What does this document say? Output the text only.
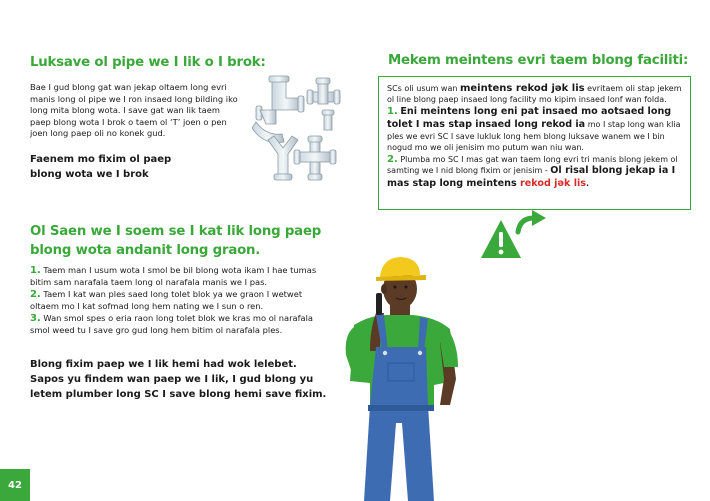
Luksave ol pipe we I lik o I brok:

Bae I gud blong gat wan jekap oltaem long evri manis long ol pipe we I ron insaed long bilding iko long mita blong wota. I save gat wan lik taem paep blong wota I brok o taem ol ‘T’ joen o pen joen long paep oli no konek gud.

Faenem mo fixim ol paep

blong wota we I brok

Ol Saen we I soem se I kat lik long paep
blong wota andanit long graon.

1. Taem man I usum wota I smol be bil blong wota ikam I hae tumas bitim sam narafala taem long ol narafala manis we I pas.

2. Taem I kat wan ples saed long tolet blok ya we graon I wetwet oltaem mo I kat sofmad long hem nating we I sun o ren.

3. Wan smol spes o eria raon long tolet blok we kras mo ol narafala smol weed tu I save gro gud long hem bitim ol narafala ples.

Blong fixim paep we I lik hemi had wok lelebet. Sapos yu findem wan paep we I lik, I gud blong yu letem plumber long SC I save blong hemi save fixim.

Mekem meintens evri taem blong faciliti:

SCs oli usum wan meintens rekod jǝk lis evritaem oli stap jekem ol line blong paep insaed long facility mo kipim insaed lonf wan folda.

1. Eni meintens long eni pat insaed mo aotsaed long tolet I mas stap insaed long rekod ia mo I stap long wan klia ples we evri SC I save lukluk long hem blong luksave wanem we I bin nogud mo we oli jenisim mo putum wan niu wan.

2. Plumba mo SC I mas gat wan taem long evri tri manis blong jekem ol samting we I nid blong fixim or jenisim - Ol risal blong jekap ia I mas stap long meintens rekod jǝk lis.

42
